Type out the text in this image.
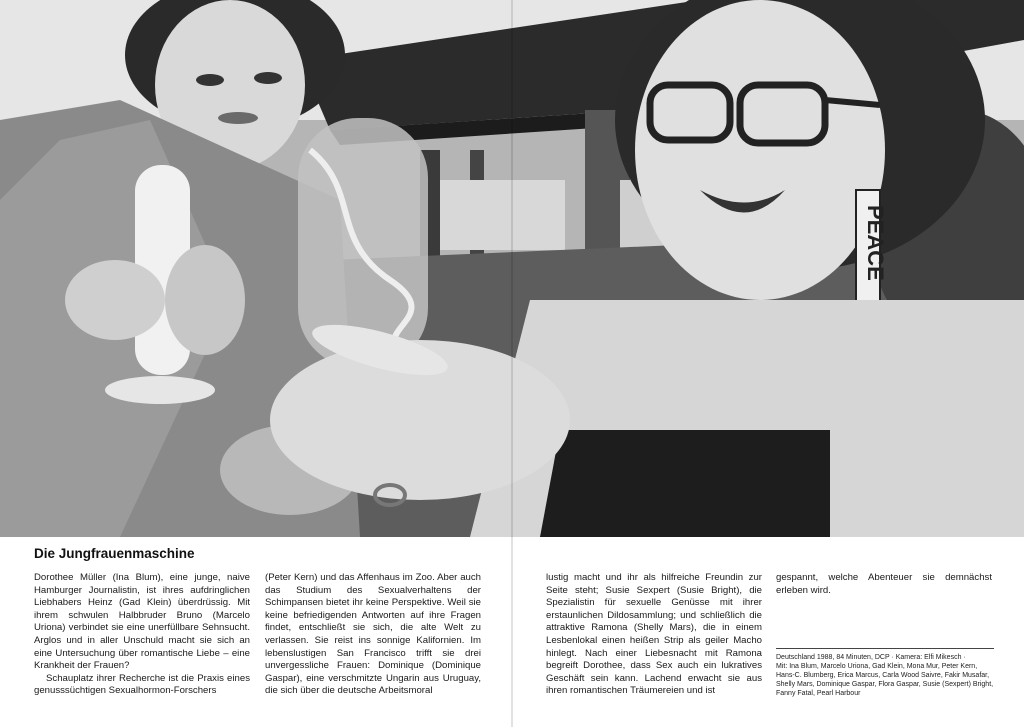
PEACE
Die Jungfrauenmaschine

Dorothee Müller (Ina Blum), eine junge, naive Hamburger Journalistin, ist ihres aufdringlichen Liebhabers Heinz (Gad Klein) überdrüssig. Mit ihrem schwulen Halbbruder Bruno (Marcelo Uriona) verbindet sie eine unerfüllbare Sehnsucht. Arglos und in aller Unschuld macht sie sich an eine Untersuchung über romantische Liebe – eine Krankheit der Frauen?

Schauplatz ihrer Recherche ist die Praxis eines genusssüchtigen Sexualhormon-Forschers

(Peter Kern) und das Affenhaus im Zoo. Aber auch das Studium des Sexualverhaltens der Schimpansen bietet ihr keine Perspektive. Weil sie keine befriedigenden Antworten auf ihre Fragen findet, entschließt sie sich, die alte Welt zu verlassen. Sie reist ins sonnige Kalifornien. Im lebenslustigen San Francisco trifft sie drei unvergessliche Frauen: Dominique (Dominique Gaspar), eine verschmitzte Ungarin aus Uruguay, die sich über die deutsche Arbeitsmoral

lustig macht und ihr als hilfreiche Freundin zur Seite steht; Susie Sexpert (Susie Bright), die Spezialistin für sexuelle Genüsse mit ihrer erstaunlichen Dildosammlung; und schließlich die attraktive Ramona (Shelly Mars), die in einem Lesbenlokal einen heißen Strip als geiler Macho hinlegt. Nach einer Liebesnacht mit Ramona begreift Dorothee, dass Sex auch ein lukratives Geschäft sein kann. Lachend erwacht sie aus ihren romantischen Träumereien und ist

gespannt, welche Abenteuer sie demnächst erleben wird.

Deutschland 1988, 84 Minuten, DCP · Kamera: Elfi Mikesch ·
Mit: Ina Blum, Marcelo Uriona, Gad Klein, Mona Mur, Peter Kern, Hans-C. Blumberg, Erica Marcus, Carla Wood Saivre, Fakir Musafar, Shelly Mars, Dominique Gaspar, Flora Gaspar, Susie (Sexpert) Bright, Fanny Fatal, Pearl Harbour
